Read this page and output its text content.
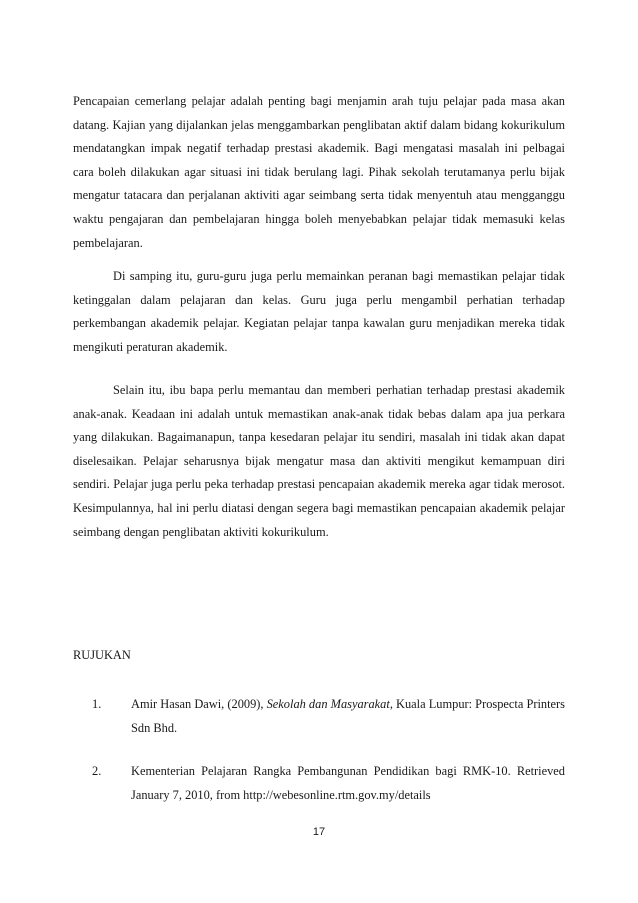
Pencapaian cemerlang pelajar adalah penting bagi menjamin arah tuju pelajar pada masa akan datang. Kajian yang dijalankan jelas menggambarkan penglibatan aktif dalam bidang kokurikulum mendatangkan impak negatif terhadap prestasi akademik. Bagi mengatasi masalah ini pelbagai cara boleh dilakukan agar situasi ini tidak berulang lagi. Pihak sekolah terutamanya perlu bijak mengatur tatacara dan perjalanan aktiviti agar seimbang serta tidak menyentuh atau mengganggu waktu pengajaran dan pembelajaran hingga boleh menyebabkan pelajar tidak memasuki kelas pembelajaran.

Di samping itu, guru-guru juga perlu memainkan peranan bagi memastikan pelajar tidak ketinggalan dalam pelajaran dan kelas. Guru juga perlu mengambil perhatian terhadap perkembangan akademik pelajar. Kegiatan pelajar tanpa kawalan guru menjadikan mereka tidak mengikuti peraturan akademik.

Selain itu, ibu bapa perlu memantau dan memberi perhatian terhadap prestasi akademik anak-anak. Keadaan ini adalah untuk memastikan anak-anak tidak bebas dalam apa jua perkara yang dilakukan. Bagaimanapun, tanpa kesedaran pelajar itu sendiri, masalah ini tidak akan dapat diselesaikan. Pelajar seharusnya bijak mengatur masa dan aktiviti mengikut kemampuan diri sendiri. Pelajar juga perlu peka terhadap prestasi pencapaian akademik mereka agar tidak merosot. Kesimpulannya, hal ini perlu diatasi dengan segera bagi memastikan pencapaian akademik pelajar seimbang dengan penglibatan aktiviti kokurikulum.

RUJUKAN

1. Amir Hasan Dawi, (2009), Sekolah dan Masyarakat, Kuala Lumpur: Prospecta Printers Sdn Bhd.
2. Kementerian Pelajaran Rangka Pembangunan Pendidikan bagi RMK-10. Retrieved January 7, 2010, from http://webesonline.rtm.gov.my/details
17
